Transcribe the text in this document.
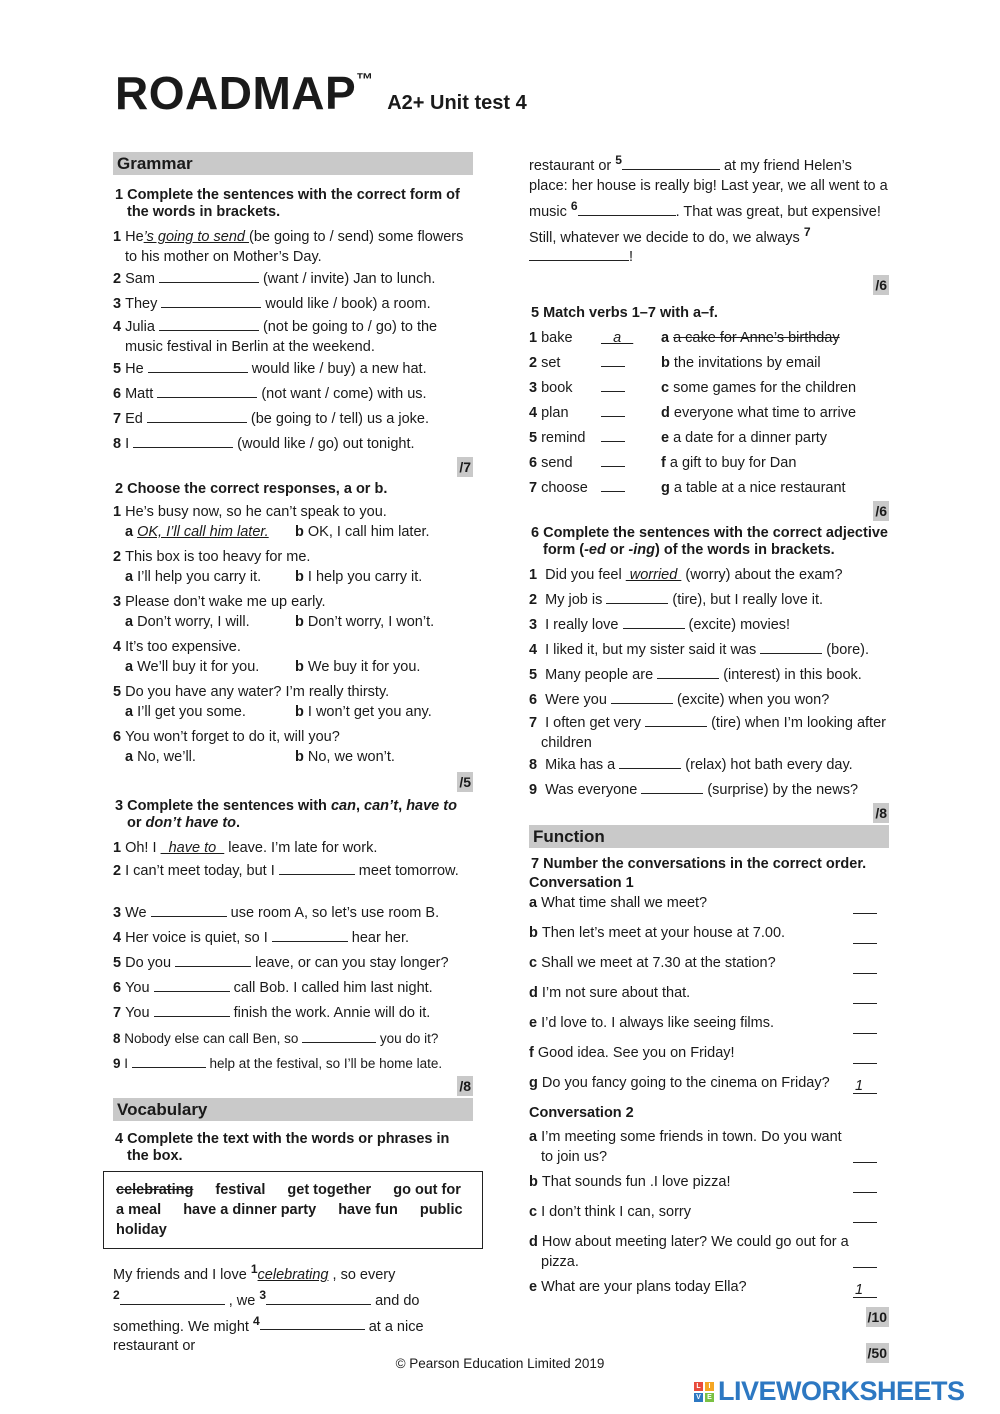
ROADMAP™ A2+ Unit test 4
Grammar
1 Complete the sentences with the correct form of the words in brackets.
1 He’s going to send (be going to / send) some flowers to his mother on Mother’s Day.
2 Sam	(want / invite) Jan to lunch.
3 They	would like / book) a room.
4 Julia	(not be going to / go) to the music festival in Berlin at the weekend.
5 He	would like / buy) a new hat.
6 Matt	(not want / come) with us.
7 Ed	(be going to / tell) us a joke.
8 I	(would like / go) out tonight.
/7
2 Choose the correct responses, a or b.
1 He’s busy now, so he can’t speak to you.
a OK, I’ll call him later. b OK, I call him later.
2 This box is too heavy for me.
a I’ll help you carry it. b I help you carry it.
3 Please don’t wake me up early.
a Don’t worry, I will.	b Don’t worry, I won’t.
4 It’s too expensive.
a We’ll buy it for you. b We buy it for you.
5 Do you have any water? I’m really thirsty.
a I’ll get you some.	b I won’t get you any.
6 You won’t forget to do it, will you?
a No, we’ll.	b No, we won’t.
/5
3 Complete the sentences with can, can’t, have to or don’t have to.
1 Oh! I   have to   leave. I’m late for work.
2 I can’t meet today, but I	meet tomorrow.
3 We	use room A, so let’s use room B.
4 Her voice is quiet, so I	hear her.
5 Do you	leave, or can you stay longer?
6 You	call Bob. I called him last night.
7 You	finish the work. Annie will do it.
8 Nobody else can call Ben, so	you do it?
9 I	help at the festival, so I’ll be home late.
/8
Vocabulary
4 Complete the text with the words or phrases in the box.
celebrating festival get together go out for a meal have a dinner party have fun public holiday
My friends and I love $^1$celebrating , so every
$^2$	, we $^3$	and do something. We might $^4$	at a nice restaurant or
restaurant or $^5$	at my friend Helen’s place: her house is really big! Last year, we all went to a music $^6$	. That was great, but expensive! Still, whatever we decide to do, we always $^7$!
/6
5 Match verbs 1–7 with a–f.
1 bake a a a cake for Anne’s birthday
2 set	b the invitations by email
3 book	c some games for the children
4 plan	d everyone what time to arrive
5 remind	e a date for a dinner party
6 send	f a gift to buy for Dan
7 choose	g a table at a nice restaurant
/6
6 Complete the sentences with the correct adjective form (-ed or -ing) of the words in brackets.
1  Did you feel  worried  (worry) about the exam?
2  My job is	(tire), but I really love it.
3  I really love	(excite) movies!
4  I liked it, but my sister said it was	(bore).
5  Many people are	(interest) in this book.
6  Were you	(excite) when you won?
7  I often get very	(tire) when I’m looking after children
8  Mika has a	(relax) hot bath every day.
9  Was everyone	(surprise) by the news?
/8
Function
7 Number the conversations in the correct order.
Conversation 1
a What time shall we meet?
b Then let’s meet at your house at 7.00.
c Shall we meet at 7.30 at the station?
d I’m not sure about that.
e I’d love to. I always like seeing films.
f Good idea. See you on Friday!
g Do you fancy going to the cinema on Friday? 1
Conversation 2
a I’m meeting some friends in town. Do you want to join us?
b That sounds fun .I love pizza!
c I don’t think I can, sorry
d How about meeting later? We could go out for a pizza.
e What are your plans today Ella?	1
/10
/50
© Pearson Education Limited 2019
L	I
V E LIVEWORKSHEETS
